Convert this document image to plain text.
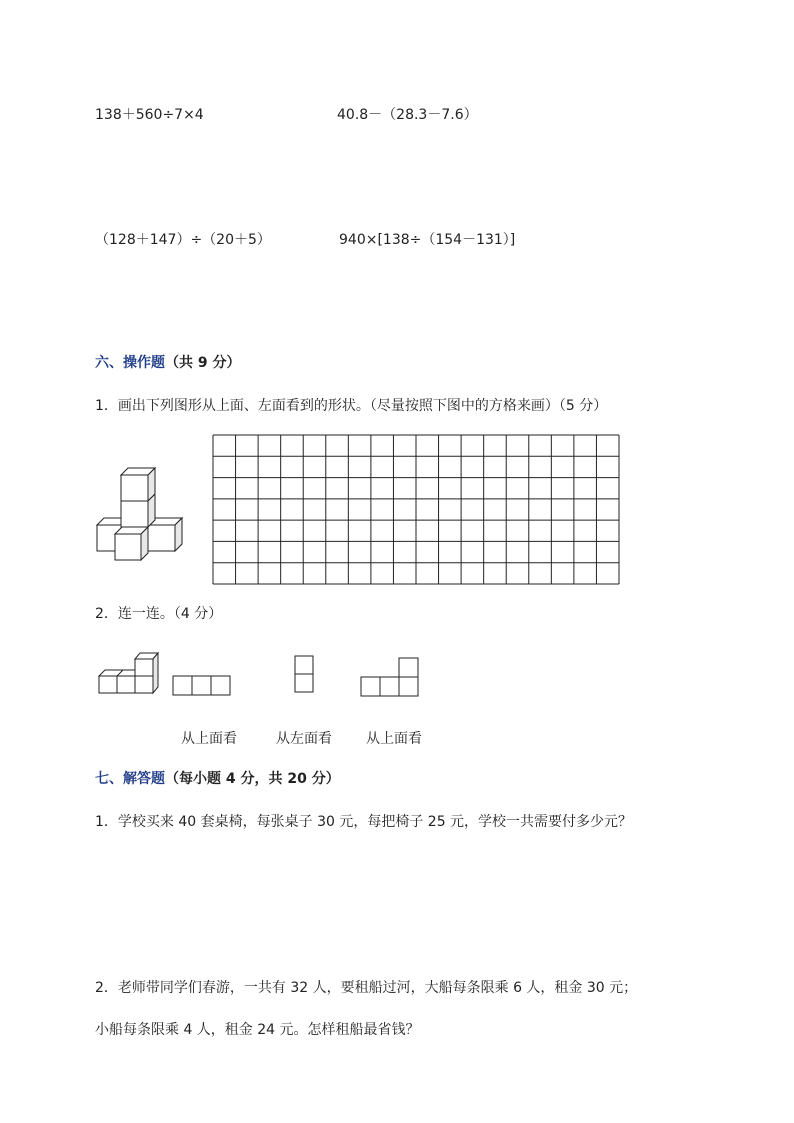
138＋560÷7×4	40.8－（28.3－7.6）
（128＋147）÷（20＋5）	940×[138÷（154－131）]
六、操作题（共 9 分）
1．画出下列图形从上面、左面看到的形状。（尽量按照下图中的方格来画）（5 分）
2．连一连。（4 分）
从上面看	从左面看 从上面看
七、解答题（每小题 4 分，共 20 分）
1．学校买来 40 套桌椅，每张桌子 30 元，每把椅子 25 元，学校一共需要付多少元？
2．老师带同学们春游，一共有 32 人，要租船过河，大船每条限乘 6 人，租金 30 元；
小船每条限乘 4 人，租金 24 元。怎样租船最省钱？
